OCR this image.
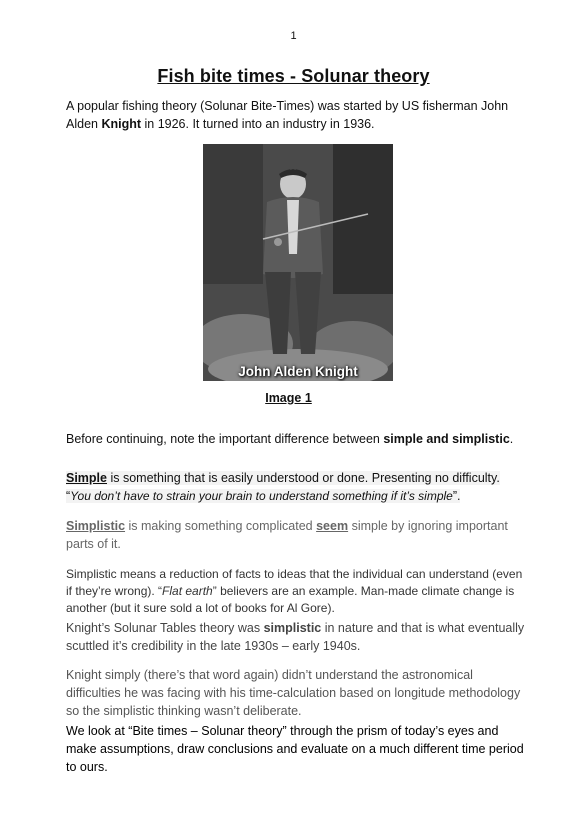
1
Fish bite times - Solunar theory
A popular fishing theory (Solunar Bite-Times) was started by US fisherman John Alden Knight in 1926. It turned into an industry in 1936.
John Alden Knight
Image 1
Before continuing, note the important difference between simple and simplistic.
Simple is something that is easily understood or done. Presenting no difficulty. “You don’t have to strain your brain to understand something if it’s simple”.
Simplistic is making something complicated seem simple by ignoring important parts of it.
Simplistic means a reduction of facts to ideas that the individual can understand (even if they’re wrong). “Flat earth” believers are an example. Man-made climate change is another (but it sure sold a lot of books for Al Gore).
Knight’s Solunar Tables theory was simplistic in nature and that is what eventually scuttled it’s credibility in the late 1930s – early 1940s.
Knight simply (there’s that word again) didn’t understand the astronomical difficulties he was facing with his time-calculation based on longitude methodology so the simplistic thinking wasn’t deliberate.
We look at “Bite times – Solunar theory” through the prism of today’s eyes and make assumptions, draw conclusions and evaluate on a much different time period to ours.
